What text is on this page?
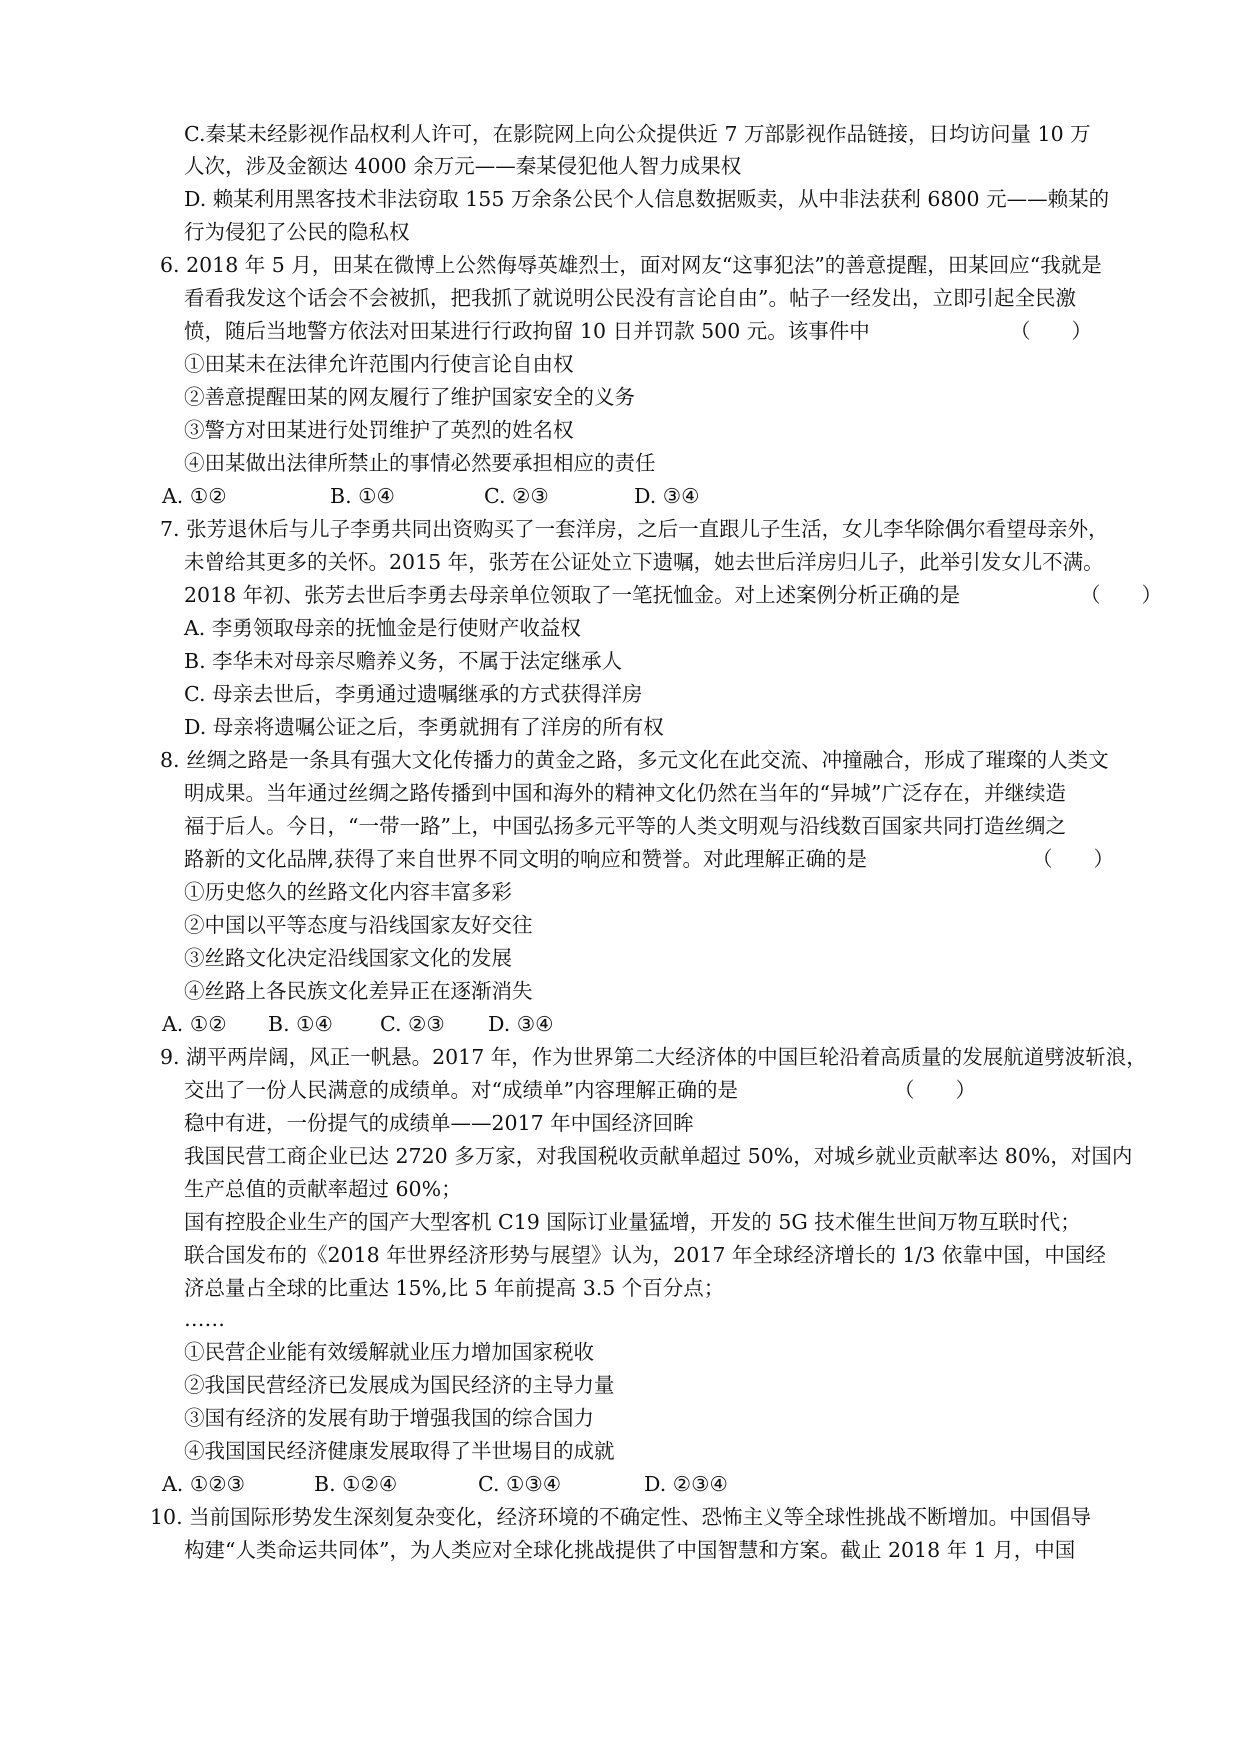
C.秦某未经影视作品权利人许可，在影院网上向公众提供近 7 万部影视作品链接，日均访问量 10 万
人次，涉及金额达 4000 余万元——秦某侵犯他人智力成果权
D. 赖某利用黑客技术非法窃取 155 万余条公民个人信息数据贩卖，从中非法获利 6800 元——赖某的
行为侵犯了公民的隐私权
6. 2018 年 5 月，田某在微博上公然侮辱英雄烈士，面对网友“这事犯法”的善意提醒，田某回应“我就是
看看我发这个话会不会被抓，把我抓了就说明公民没有言论自由”。帖子一经发出，立即引起全民激
愤，随后当地警方依法对田某进行行政拘留 10 日并罚款 500 元。该事件中	（　　）
①田某未在法律允许范围内行使言论自由权
②善意提醒田某的网友履行了维护国家安全的义务
③警方对田某进行处罚维护了英烈的姓名权
④田某做出法律所禁止的事情必然要承担相应的责任
A. ①②	B. ①④	C. ②③	D. ③④
7. 张芳退休后与儿子李勇共同出资购买了一套洋房，之后一直跟儿子生活，女儿李华除偶尔看望母亲外，
未曾给其更多的关怀。2015 年，张芳在公证处立下遗嘱，她去世后洋房归儿子，此举引发女儿不满。
2018 年初、张芳去世后李勇去母亲单位领取了一笔抚恤金。对上述案例分析正确的是	（　　）
A. 李勇领取母亲的抚恤金是行使财产收益权
B. 李华未对母亲尽赡养义务，不属于法定继承人
C. 母亲去世后，李勇通过遗嘱继承的方式获得洋房
D. 母亲将遗嘱公证之后，李勇就拥有了洋房的所有权
8. 丝绸之路是一条具有强大文化传播力的黄金之路，多元文化在此交流、冲撞融合，形成了璀璨的人类文
明成果。当年通过丝绸之路传播到中国和海外的精神文化仍然在当年的“异城”广泛存在，并继续造
福于后人。今日，“一带一路”上，中国弘扬多元平等的人类文明观与沿线数百国家共同打造丝绸之
路新的文化品牌,获得了来自世界不同文明的响应和赞誉。对此理解正确的是	（　　）
①历史悠久的丝路文化内容丰富多彩
②中国以平等态度与沿线国家友好交往
③丝路文化决定沿线国家文化的发展
④丝路上各民族文化差异正在逐渐消失
A. ①② B. ①④ C. ②③ D. ③④
9. 湖平两岸阔，风正一帆悬。2017 年，作为世界第二大经济体的中国巨轮沿着高质量的发展航道劈波斩浪，
交出了一份人民满意的成绩单。对“成绩单”内容理解正确的是	（　　）
稳中有进，一份提气的成绩单——2017 年中国经济回眸
我国民营工商企业已达 2720 多万家，对我国税收贡献单超过 50%，对城乡就业贡献率达 80%，对国内
生产总值的贡献率超过 60%；
国有控股企业生产的国产大型客机 C19 国际订业量猛增，开发的 5G 技术催生世间万物互联时代；
联合国发布的《2018 年世界经济形势与展望》认为，2017 年全球经济增长的 1/3 依靠中国，中国经
济总量占全球的比重达 15%,比 5 年前提高 3.5 个百分点；
……
①民营企业能有效缓解就业压力增加国家税收
②我国民营经济已发展成为国民经济的主导力量
③国有经济的发展有助于增强我国的综合国力
④我国国民经济健康发展取得了半世埸目的成就
A. ①②③	B. ①②④	C. ①③④	D. ②③④
10. 当前国际形势发生深刻复杂变化，经济环境的不确定性、恐怖主义等全球性挑战不断增加。中国倡导
构建“人类命运共同体”，为人类应对全球化挑战提供了中国智慧和方案。截止 2018 年 1 月，中国
